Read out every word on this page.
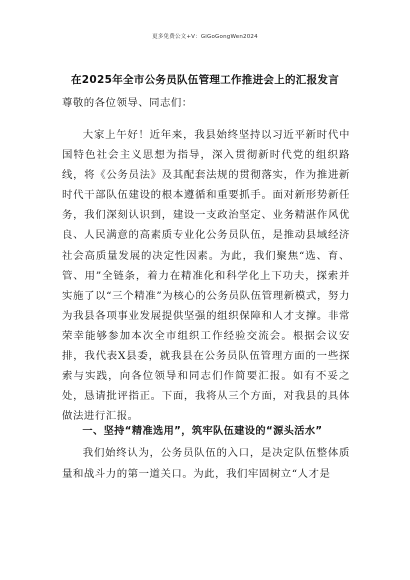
更多免费公文+V：GiGoGongWen2024
在2025年全市公务员队伍管理工作推进会上的汇报发言
尊敬的各位领导、同志们：

大家上午好！近年来，我县始终坚持以习近平新时代中国特色社会主义思想为指导，深入贯彻新时代党的组织路线，将《公务员法》及其配套法规的贯彻落实，作为推进新时代干部队伍建设的根本遵循和重要抓手。面对新形势新任务，我们深刻认识到，建设一支政治坚定、业务精湛作风优良、人民满意的高素质专业化公务员队伍，是推动县域经济社会高质量发展的决定性因素。为此，我们聚焦“选、育、管、用”全链条，着力在精准化和科学化上下功夫，探索并实施了以“三个精准”为核心的公务员队伍管理新模式，努力为我县各项事业发展提供坚强的组织保障和人才支撑。非常荣幸能够参加本次全市组织工作经验交流会。根据会议安排，我代表X县委，就我县在公务员队伍管理方面的一些探索与实践，向各位领导和同志们作简要汇报。如有不妥之处，恳请批评指正。下面，我将从三个方面，对我县的具体做法进行汇报。

一、坚持“精准选用”，筑牢队伍建设的“源头活水”

我们始终认为，公务员队伍的入口，是决定队伍整体质量和战斗力的第一道关口。为此，我们牢固树立“人才是
